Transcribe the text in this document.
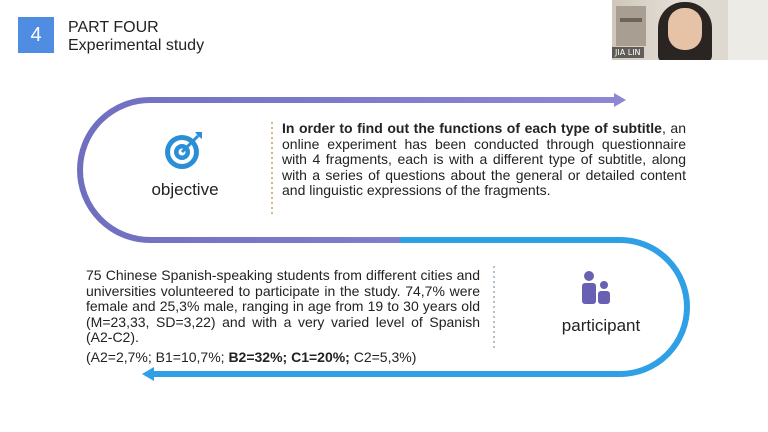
4	PART FOUR
Experimental study	JIA LIN
objective
In order to find out the functions of each type of subtitle, an online experiment has been conducted through questionnaire with 4 fragments, each is with a different type of subtitle, along with a series of questions about the general or detailed content and linguistic expressions of the fragments.
75 Chinese Spanish-speaking students from different cities and universities volunteered to participate in the study. 74,7% were female and 25,3% male, ranging in age from 19 to 30 years old (M=23,33, SD=3,22) and with a very varied level of Spanish (A2-C2).
(A2=2,7%; B1=10,7%; B2=32%; C1=20%; C2=5,3%)
participant
